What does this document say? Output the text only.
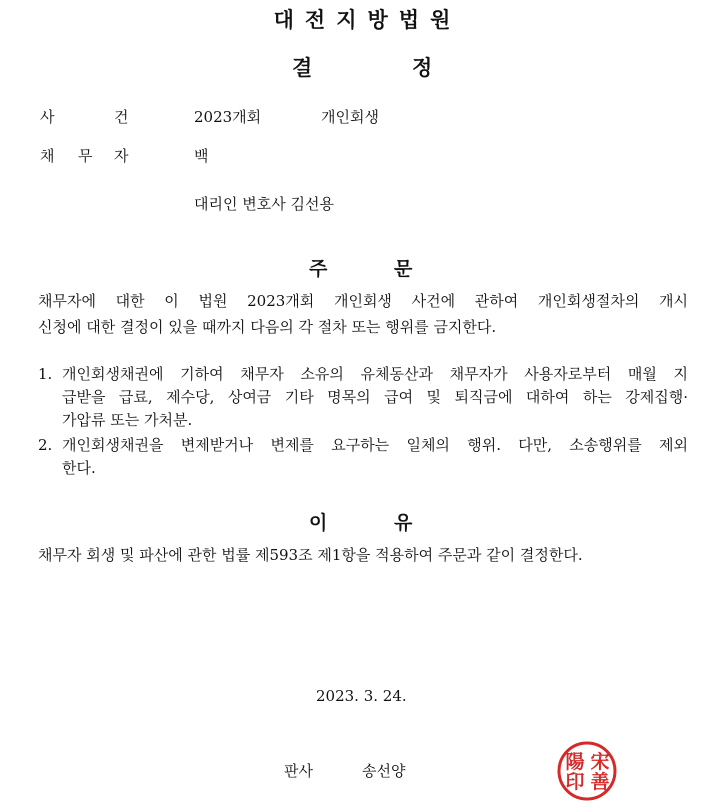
대전지방법원
결	정
사	건	2023개회	개인회생
채 무 자	백
대리인 변호사 김선용
주	문
채무자에 대한 이 법원 2023개회 개인회생 사건에 관하여 개인회생절차의 개시
신청에 대한 결정이 있을 때까지 다음의 각 절차 또는 행위를 금지한다.
1. 개인회생채권에 기하여 채무자 소유의 유체동산과 채무자가 사용자로부터 매월 지
급받을 급료, 제수당, 상여금 기타 명목의 급여 및 퇴직금에 대하여 하는 강제집행·
가압류 또는 가처분.
2. 개인회생채권을 변제받거나 변제를 요구하는 일체의 행위. 다만, 소송행위를 제외
한다.
이	유
채무자 회생 및 파산에 관한 법률 제593조 제1항을 적용하여 주문과 같이 결정한다.
2023. 3. 24.
판사	송선양	宋
善
陽
印
